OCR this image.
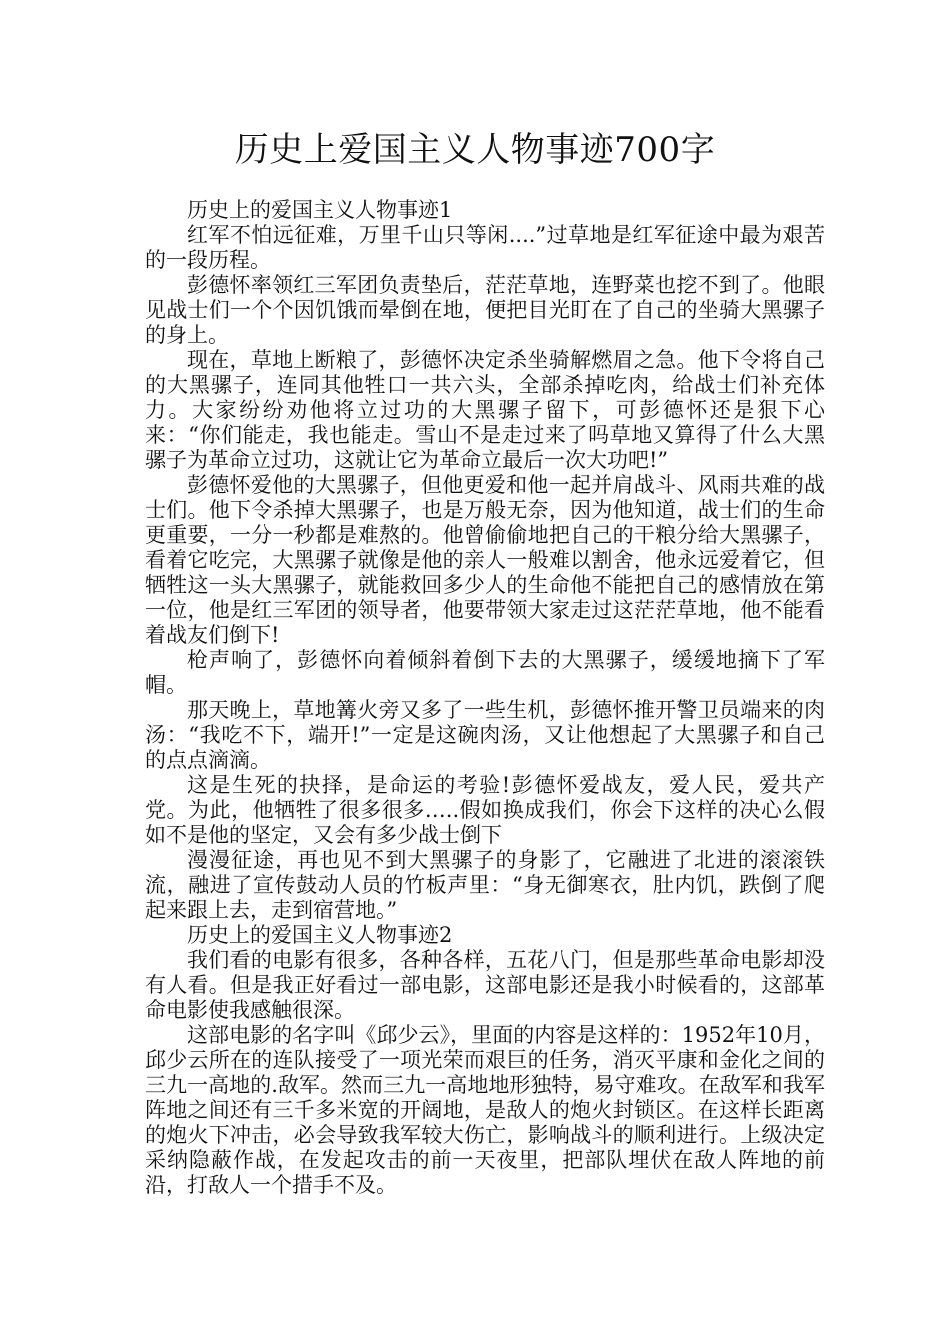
历史上爱国主义人物事迹700字

历史上的爱国主义人物事迹1

红军不怕远征难，万里千山只等闲....”过草地是红军征途中最为艰苦的一段历程。

彭德怀率领红三军团负责垫后，茫茫草地，连野菜也挖不到了。他眼见战士们一个个因饥饿而晕倒在地，便把目光盯在了自己的坐骑大黑骡子的身上。

现在，草地上断粮了，彭德怀决定杀坐骑解燃眉之急。他下令将自己的大黑骡子，连同其他牲口一共六头，全部杀掉吃肉，给战士们补充体力。大家纷纷劝他将立过功的大黑骡子留下，可彭德怀还是狠下心来：“你们能走，我也能走。雪山不是走过来了吗草地又算得了什么大黑骡子为革命立过功，这就让它为革命立最后一次大功吧!”

彭德怀爱他的大黑骡子，但他更爱和他一起并肩战斗、风雨共难的战士们。他下令杀掉大黑骡子，也是万般无奈，因为他知道，战士们的生命更重要，一分一秒都是难熬的。他曾偷偷地把自己的干粮分给大黑骡子，看着它吃完，大黑骡子就像是他的亲人一般难以割舍，他永远爱着它，但牺牲这一头大黑骡子，就能救回多少人的生命他不能把自己的感情放在第一位，他是红三军团的领导者，他要带领大家走过这茫茫草地，他不能看着战友们倒下!

枪声响了，彭德怀向着倾斜着倒下去的大黑骡子，缓缓地摘下了军帽。

那天晚上，草地篝火旁又多了一些生机，彭德怀推开警卫员端来的肉汤：“我吃不下，端开!”一定是这碗肉汤，又让他想起了大黑骡子和自己的点点滴滴。

这是生死的抉择，是命运的考验!彭德怀爱战友，爱人民，爱共产党。为此，他牺牲了很多很多…..假如换成我们，你会下这样的决心么假如不是他的坚定，又会有多少战士倒下

漫漫征途，再也见不到大黑骡子的身影了，它融进了北进的滚滚铁流，融进了宣传鼓动人员的竹板声里：“身无御寒衣，肚内饥，跌倒了爬起来跟上去，走到宿营地。”

历史上的爱国主义人物事迹2

我们看的电影有很多，各种各样，五花八门，但是那些革命电影却没有人看。但是我正好看过一部电影，这部电影还是我小时候看的，这部革命电影使我感触很深。

这部电影的名字叫《邱少云》，里面的内容是这样的：1952年10月，邱少云所在的连队接受了一项光荣而艰巨的任务，消灭平康和金化之间的三九一高地的.敌军。然而三九一高地地形独特，易守难攻。在敌军和我军阵地之间还有三千多米宽的开阔地，是敌人的炮火封锁区。在这样长距离的炮火下冲击，必会导致我军较大伤亡，影响战斗的顺利进行。上级决定采纳隐蔽作战，在发起攻击的前一天夜里，把部队埋伏在敌人阵地的前沿，打敌人一个措手不及。
